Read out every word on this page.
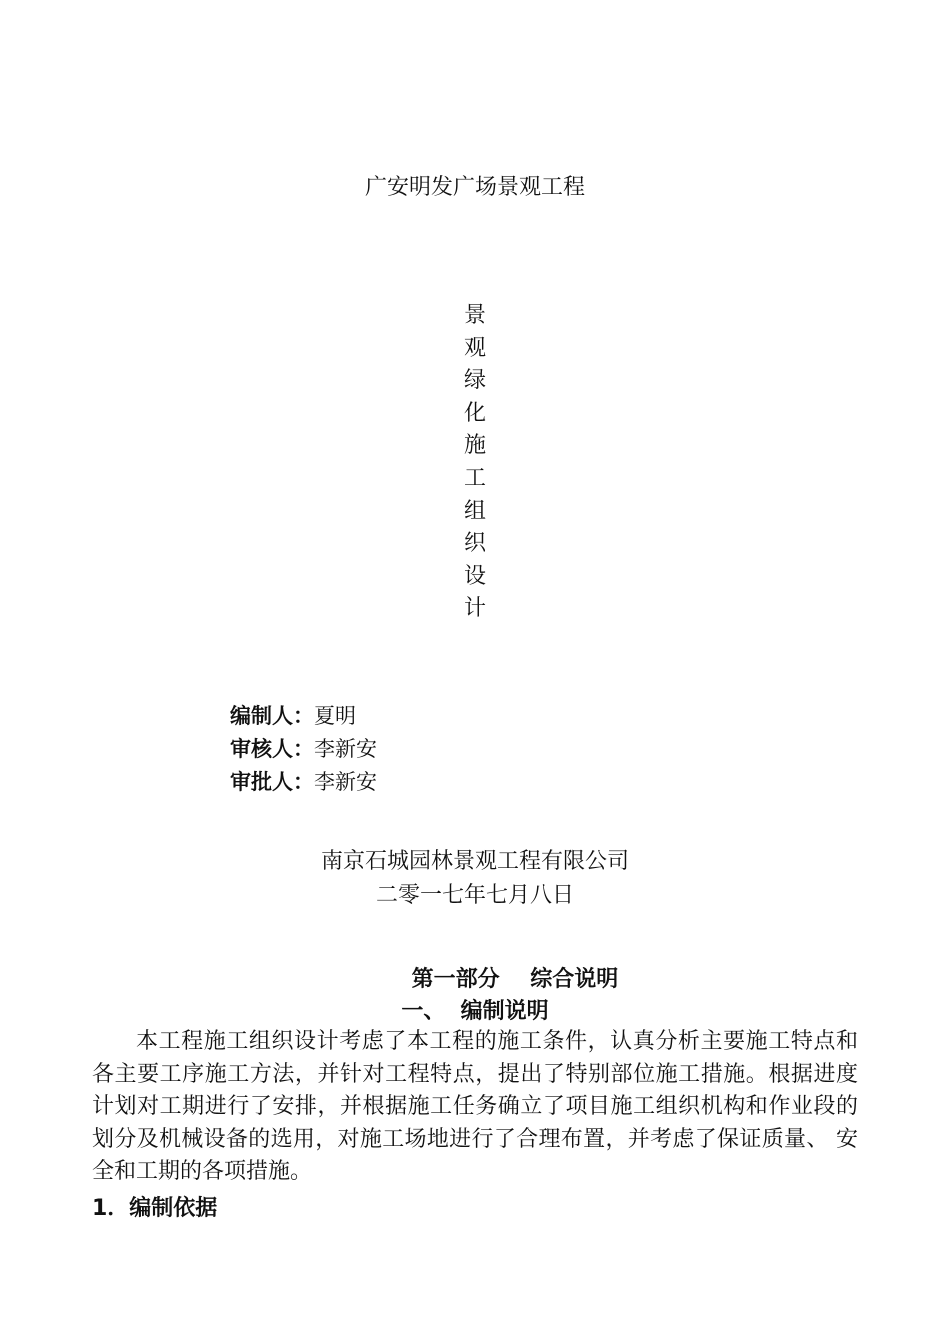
广安明发广场景观工程
景
观
绿
化
施
工
组
织
设
计
编制人：夏明
审核人：李新安
审批人：李新安
南京石城园林景观工程有限公司
二零一七年七月八日
第一部分    综合说明
一、  编制说明
本工程施工组织设计考虑了本工程的施工条件，认真分析主要施工特点和各主要工序施工方法，并针对工程特点，提出了特别部位施工措施。根据进度计划对工期进行了安排，并根据施工任务确立了项目施工组织机构和作业段的划分及机械设备的选用，对施工场地进行了合理布置，并考虑了保证质量、 安全和工期的各项措施。
1．编制依据
